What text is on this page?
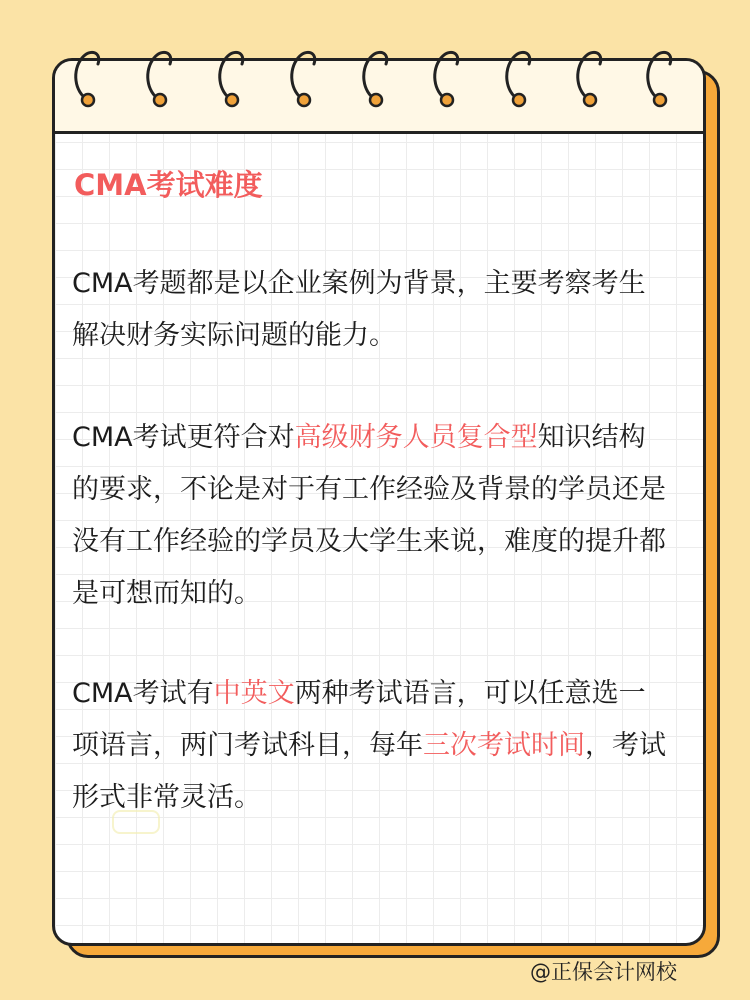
CMA考试难度
CMA考题都是以企业案例为背景，主要考察考生解决财务实际问题的能力。
CMA考试更符合对高级财务人员复合型知识结构的要求，不论是对于有工作经验及背景的学员还是没有工作经验的学员及大学生来说，难度的提升都是可想而知的。
CMA考试有中英文两种考试语言，可以任意选一项语言，两门考试科目，每年三次考试时间，考试形式非常灵活。
@正保会计网校
